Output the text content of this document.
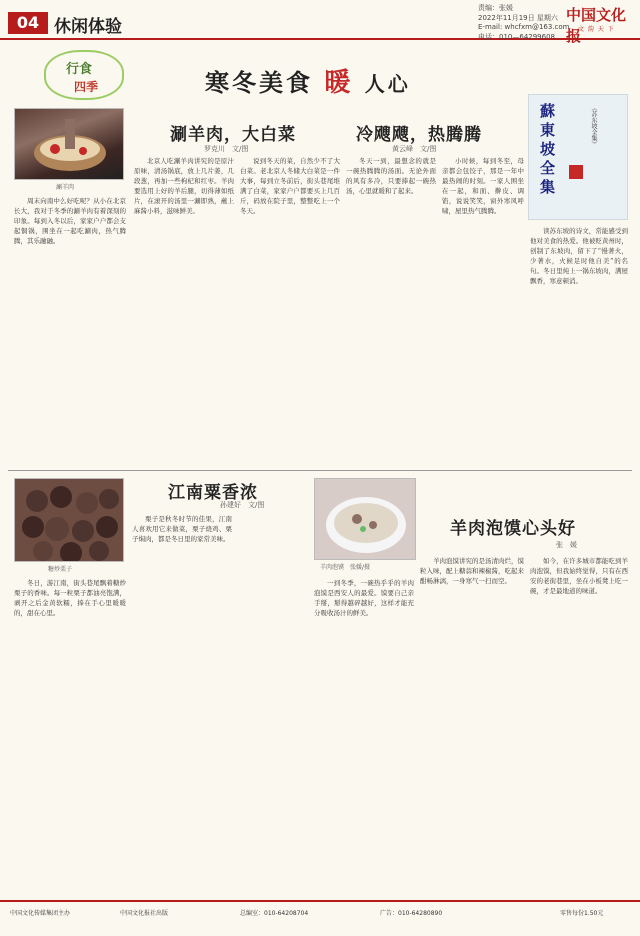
04 休闲体验
责编：张媛
2022年11月19日 星期六
E-mail: whcfxm@163.com
电话：010—64299608
中国文化报
文 韵 天 下
行食
四季	寒冬美食 暖 人心
涮羊肉
涮羊肉，大白菜
罗克川　文/图

周末向南中么好吃呢？从小在北京长大，我对于冬季的涮羊肉有着深刻的印象。每到入冬以后，家家户户都会支起铜锅，围坐在一起吃涮肉，热气腾腾，其乐融融。

北京人吃涮羊肉讲究的是原汁原味，清汤锅底，放上几片姜，几段葱，再加一些枸杞和红枣。羊肉要选用上好的羊后腿，切得薄如纸片，在滚开的汤里一涮即熟，蘸上麻酱小料，滋味鲜美。

说到冬天的菜，自然少不了大白菜。老北京人冬储大白菜是一件大事，每到立冬前后，街头巷尾堆满了白菜，家家户户都要买上几百斤，码放在院子里，整整吃上一个冬天。

冷飕飕，热腾腾
黄云峰　文/图

冬天一到，最想念的就是一碗热腾腾的汤面。无论外面的风有多冷，只要捧起一碗热汤，心里就暖和了起来。

小时候，每到冬至，母亲都会包饺子，那是一年中最热闹的时刻。一家人围坐在一起，和面、擀皮、调馅，说说笑笑，窗外寒风呼啸，屋里热气腾腾。

蘇東坡全集	《苏东坡全集》

读苏东坡的诗文，常能感受到他对美食的热爱。他被贬黄州时，创制了东坡肉，留下了“慢著火，少著水，火候足时他自美”的名句。冬日里炖上一锅东坡肉，满屋飘香，寒意顿消。

江南粟香浓
孙建好　文/图
糖炒栗子

冬日，游江南，街头巷尾飘着糖炒栗子的香味。每一粒栗子都油亮饱满，剥开之后金黄软糯，捧在手心里暖暖的，甜在心里。

栗子是秋冬时节的佳果，江南人喜欢用它来做菜，栗子烧鸡、栗子焖肉，都是冬日里的家常美味。

羊肉泡馍　张媛/摄
羊肉泡馍心头好
张　媛

一到冬季，一碗热乎乎的羊肉泡馍是西安人的最爱。馍要自己亲手掰，掰得越碎越好，这样才能充分吸收汤汁的鲜美。

羊肉泡馍讲究的是汤清肉烂，馍粒入味，配上糖蒜和辣椒酱，吃起来酣畅淋漓，一身寒气一扫而空。

如今，在许多城市都能吃到羊肉泡馍，但我始终觉得，只有在西安的老街巷里，坐在小板凳上吃一碗，才是最地道的味道。

中国文化传媒集团主办	中国文化报社出版	总编室：010-64208704	广告：010-64280890	零售每份1.50元
